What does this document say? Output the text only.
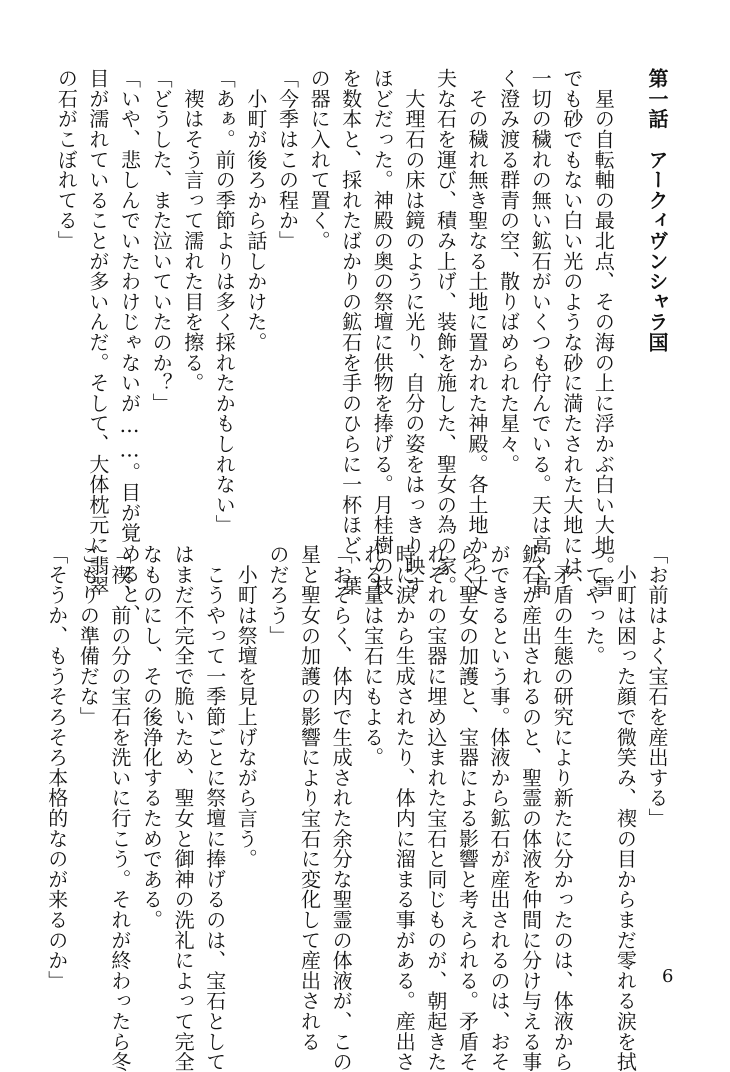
第一話　アークィヴンシャラ国
　星の自転軸の最北点、その海の上に浮かぶ白い大地。雪
でも砂でもない白い光のような砂に満たされた大地には、
一切の穢れの無い鉱石がいくつも佇んでいる。天は高く高
く澄み渡る群青の空、散りばめられた星々。
　その穢れ無き聖なる土地に置かれた神殿。各土地から丈
夫な石を運び、積み上げ、装飾を施した、聖女の為の家。
　大理石の床は鏡のように光り、自分の姿をはっきり映す
ほどだった。神殿の奥の祭壇に供物を捧げる。月桂樹の枝
を数本と、採れたばかりの鉱石を手のひらに一杯ほど、葉
の器に入れて置く。
「今季はこの程か」
　小町が後ろから話しかけた。
「あぁ。前の季節よりは多く採れたかもしれない」
　禊はそう言って濡れた目を擦る。
「どうした、また泣いていたのか？」
「いや、悲しんでいたわけじゃないが……。目が覚めると、
目が濡れていることが多いんだ。そして、大体枕元に翡翠
の石がこぼれてる」
「お前はよく宝石を産出する」
　小町は困った顔で微笑み、禊の目からまだ零れる涙を拭
ってやった。
　矛盾の生態の研究により新たに分かったのは、体液から
鉱石が産出されるのと、聖霊の体液を仲間に分け与える事
ができるという事。体液から鉱石が産出されるのは、おそ
らく聖女の加護と、宝器による影響と考えられる。矛盾そ
れぞれの宝器に埋め込まれた宝石と同じものが、朝起きた
時に涙から生成されたり、体内に溜まる事がある。産出さ
れる量は宝石にもよる。
「おそらく、体内で生成された余分な聖霊の体液が、この
星と聖女の加護の影響により宝石に変化して産出される
のだろう」
　小町は祭壇を見上げながら言う。
　こうやって一季節ごとに祭壇に捧げるのは、宝石として
はまだ不完全で脆いため、聖女と御神の洗礼によって完全
なものにし、その後浄化するためである。
「禊、前の分の宝石を洗いに行こう。それが終わったら冬
ごもりの準備だな」
「そうか、もうそろそろ本格的なのが来るのか」	6
